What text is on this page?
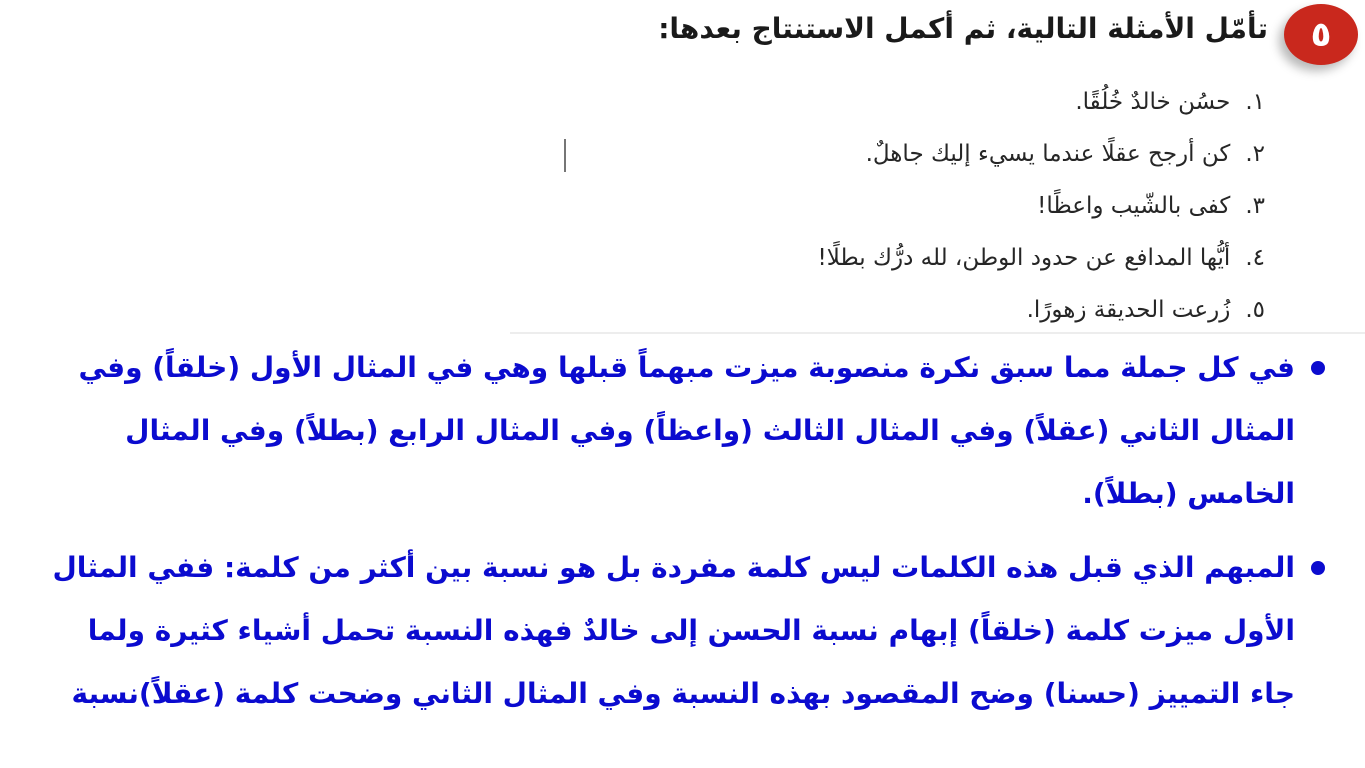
٥
تأمّل الأمثلة التالية، ثم أكمل الاستنتاج بعدها:
١.
حسُن خالدٌ خُلُقًا.
٢.
كن أرجح عقلًا عندما يسيء إليك جاهلٌ.
٣.
كفى بالشّيب واعظًا!
٤.
أيُّها المدافع عن حدود الوطن، لله درُّك بطلًا!
٥.
زُرعت الحديقة زهورًا.

في كل جملة مما سبق نكرة منصوبة ميزت مبهماً قبلها وهي في المثال الأول (خلقاً) وفي المثال الثاني (عقلاً) وفي المثال الثالث (واعظاً) وفي المثال الرابع (بطلاً) وفي المثال الخامس (بطلاً).

المبهم الذي قبل هذه الكلمات ليس كلمة مفردة بل هو نسبة بين أكثر من كلمة: ففي المثال الأول ميزت كلمة (خلقاً) إبهام نسبة الحسن إلى خالدٌ فهذه النسبة تحمل أشياء كثيرة ولما جاء التمييز (حسنا) وضح المقصود بهذه النسبة وفي المثال الثاني وضحت كلمة (عقلاً)نسبة
